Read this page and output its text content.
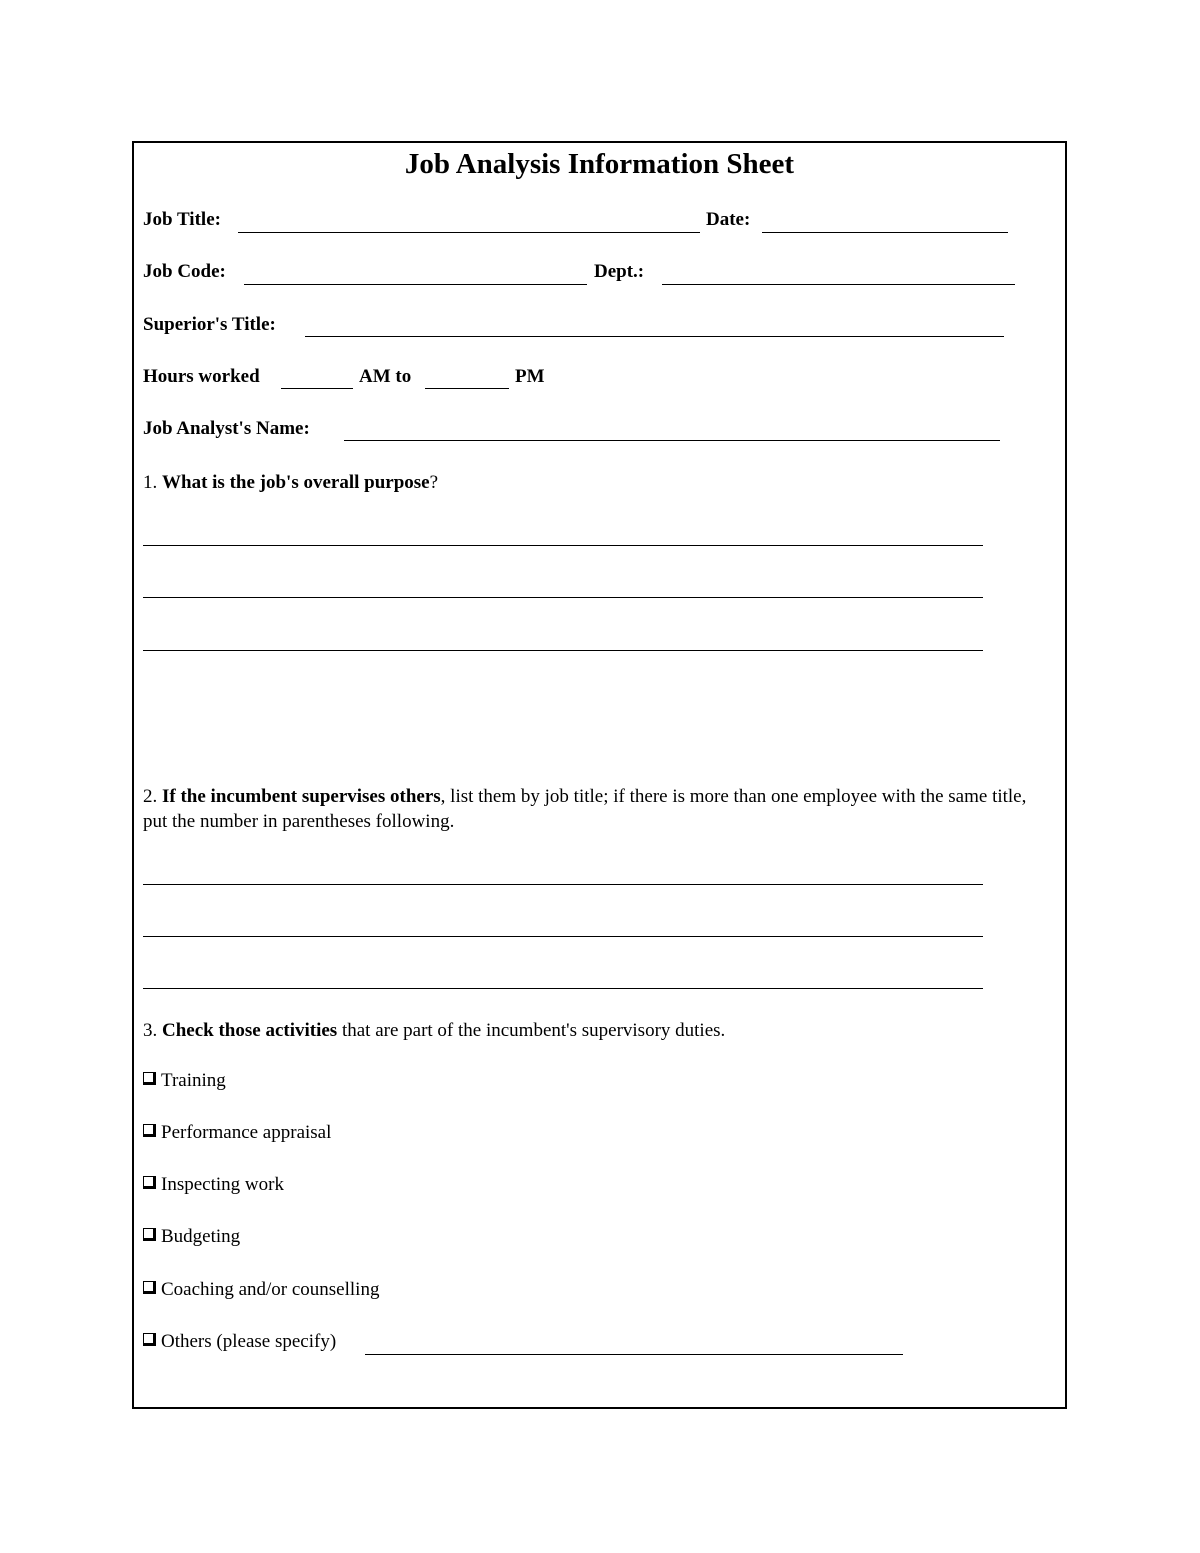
Job Analysis Information Sheet
Job Title:	Date:
Job Code:	Dept.:
Superior's Title:
Hours worked	AM to	PM
Job Analyst's Name:
1. What is the job's overall purpose?
2. If the incumbent supervises others, list them by job title; if there is more than one employee with the same title, put the number in parentheses following.
3. Check those activities that are part of the incumbent's supervisory duties.
Training
Performance appraisal
Inspecting work
Budgeting
Coaching and/or counselling
Others (please specify)
